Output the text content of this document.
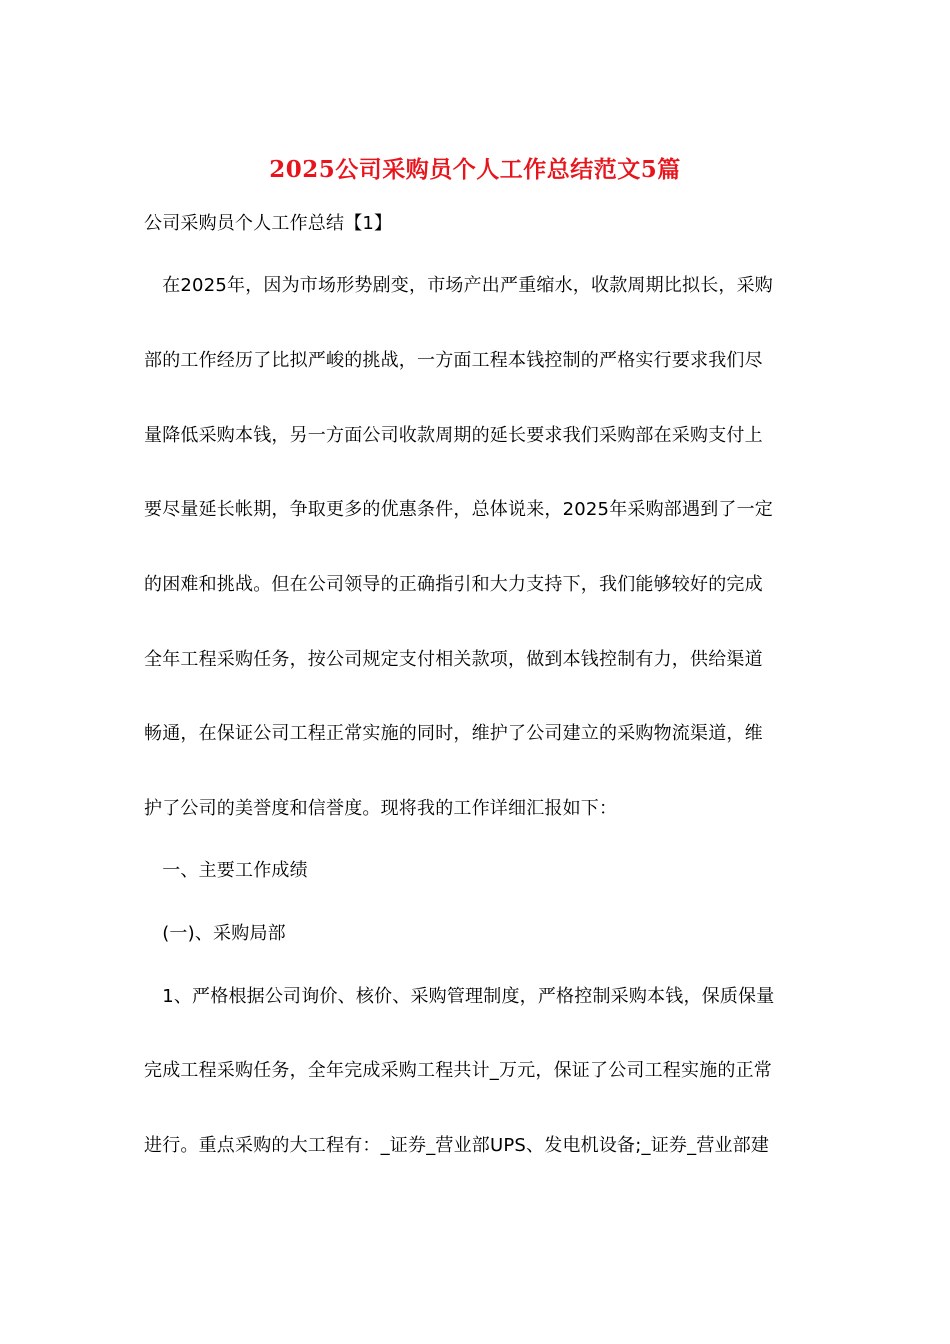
2025公司采购员个人工作总结范文5篇
公司采购员个人工作总结【1】
　在2025年，因为市场形势剧变，市场产出严重缩水，收款周期比拟长，采购
部的工作经历了比拟严峻的挑战，一方面工程本钱控制的严格实行要求我们尽
量降低采购本钱，另一方面公司收款周期的延长要求我们采购部在采购支付上
要尽量延长帐期，争取更多的优惠条件，总体说来，2025年采购部遇到了一定
的困难和挑战。但在公司领导的正确指引和大力支持下，我们能够较好的完成
全年工程采购任务，按公司规定支付相关款项，做到本钱控制有力，供给渠道
畅通，在保证公司工程正常实施的同时，维护了公司建立的采购物流渠道，维
护了公司的美誉度和信誉度。现将我的工作详细汇报如下：
　一、主要工作成绩
　(一)、采购局部
　1、严格根据公司询价、核价、采购管理制度，严格控制采购本钱，保质保量
完成工程采购任务，全年完成采购工程共计_万元，保证了公司工程实施的正常
进行。重点采购的大工程有：_证券_营业部UPS、发电机设备;_证券_营业部建
